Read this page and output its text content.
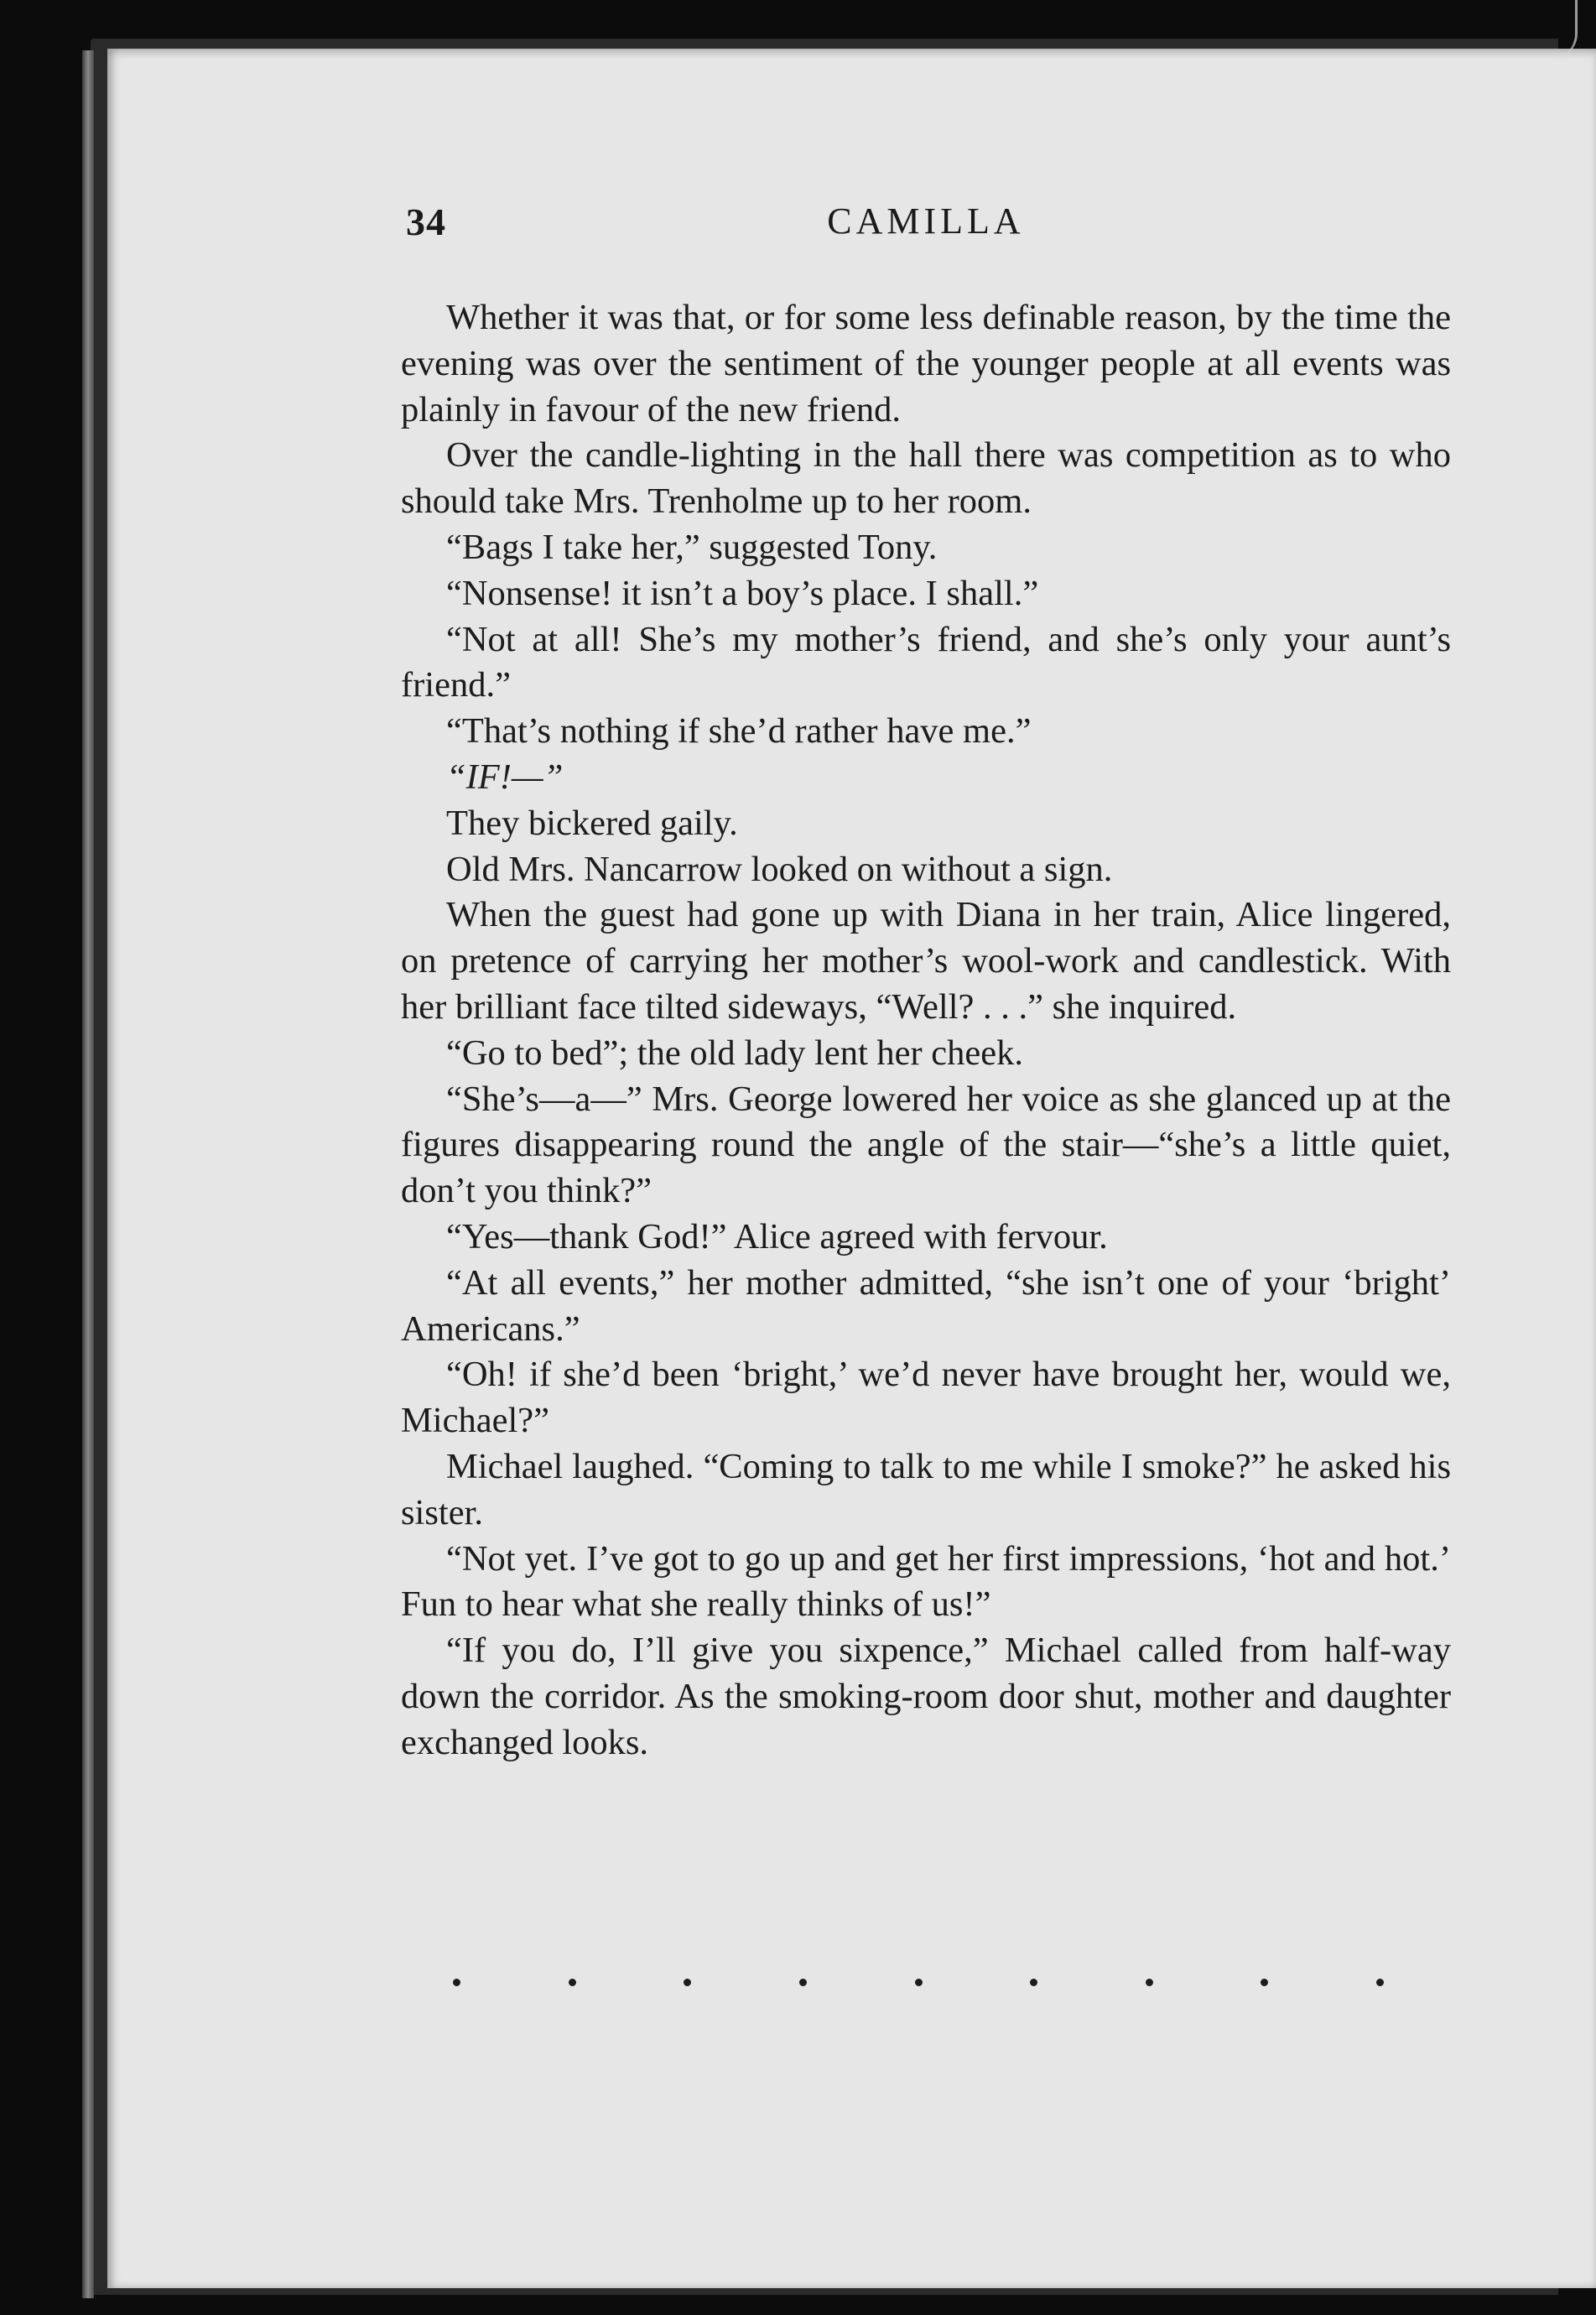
34	CAMILLA

Whether it was that, or for some less definable reason, by the time the evening was over the sentiment of the younger people at all events was plainly in favour of the new friend.

Over the candle-lighting in the hall there was competition as to who should take Mrs. Trenholme up to her room.

“Bags I take her,” suggested Tony.

“Nonsense! it isn’t a boy’s place. I shall.”

“Not at all! She’s my mother’s friend, and she’s only your aunt’s friend.”

“That’s nothing if she’d rather have me.”

“IF!—”

They bickered gaily.

Old Mrs. Nancarrow looked on without a sign.

When the guest had gone up with Diana in her train, Alice lingered, on pretence of carrying her mother’s wool-work and candlestick. With her brilliant face tilted sideways, “Well? . . .” she inquired.

“Go to bed”; the old lady lent her cheek.

“She’s—a—” Mrs. George lowered her voice as she glanced up at the figures disappearing round the angle of the stair—“she’s a little quiet, don’t you think?”

“Yes—thank God!” Alice agreed with fervour.

“At all events,” her mother admitted, “she isn’t one of your ‘bright’ Americans.”

“Oh! if she’d been ‘bright,’ we’d never have brought her, would we, Michael?”

Michael laughed. “Coming to talk to me while I smoke?” he asked his sister.

“Not yet. I’ve got to go up and get her first impressions, ‘hot and hot.’ Fun to hear what she really thinks of us!”

“If you do, I’ll give you sixpence,” Michael called from half-way down the corridor. As the smoking-room door shut, mother and daughter exchanged looks.
